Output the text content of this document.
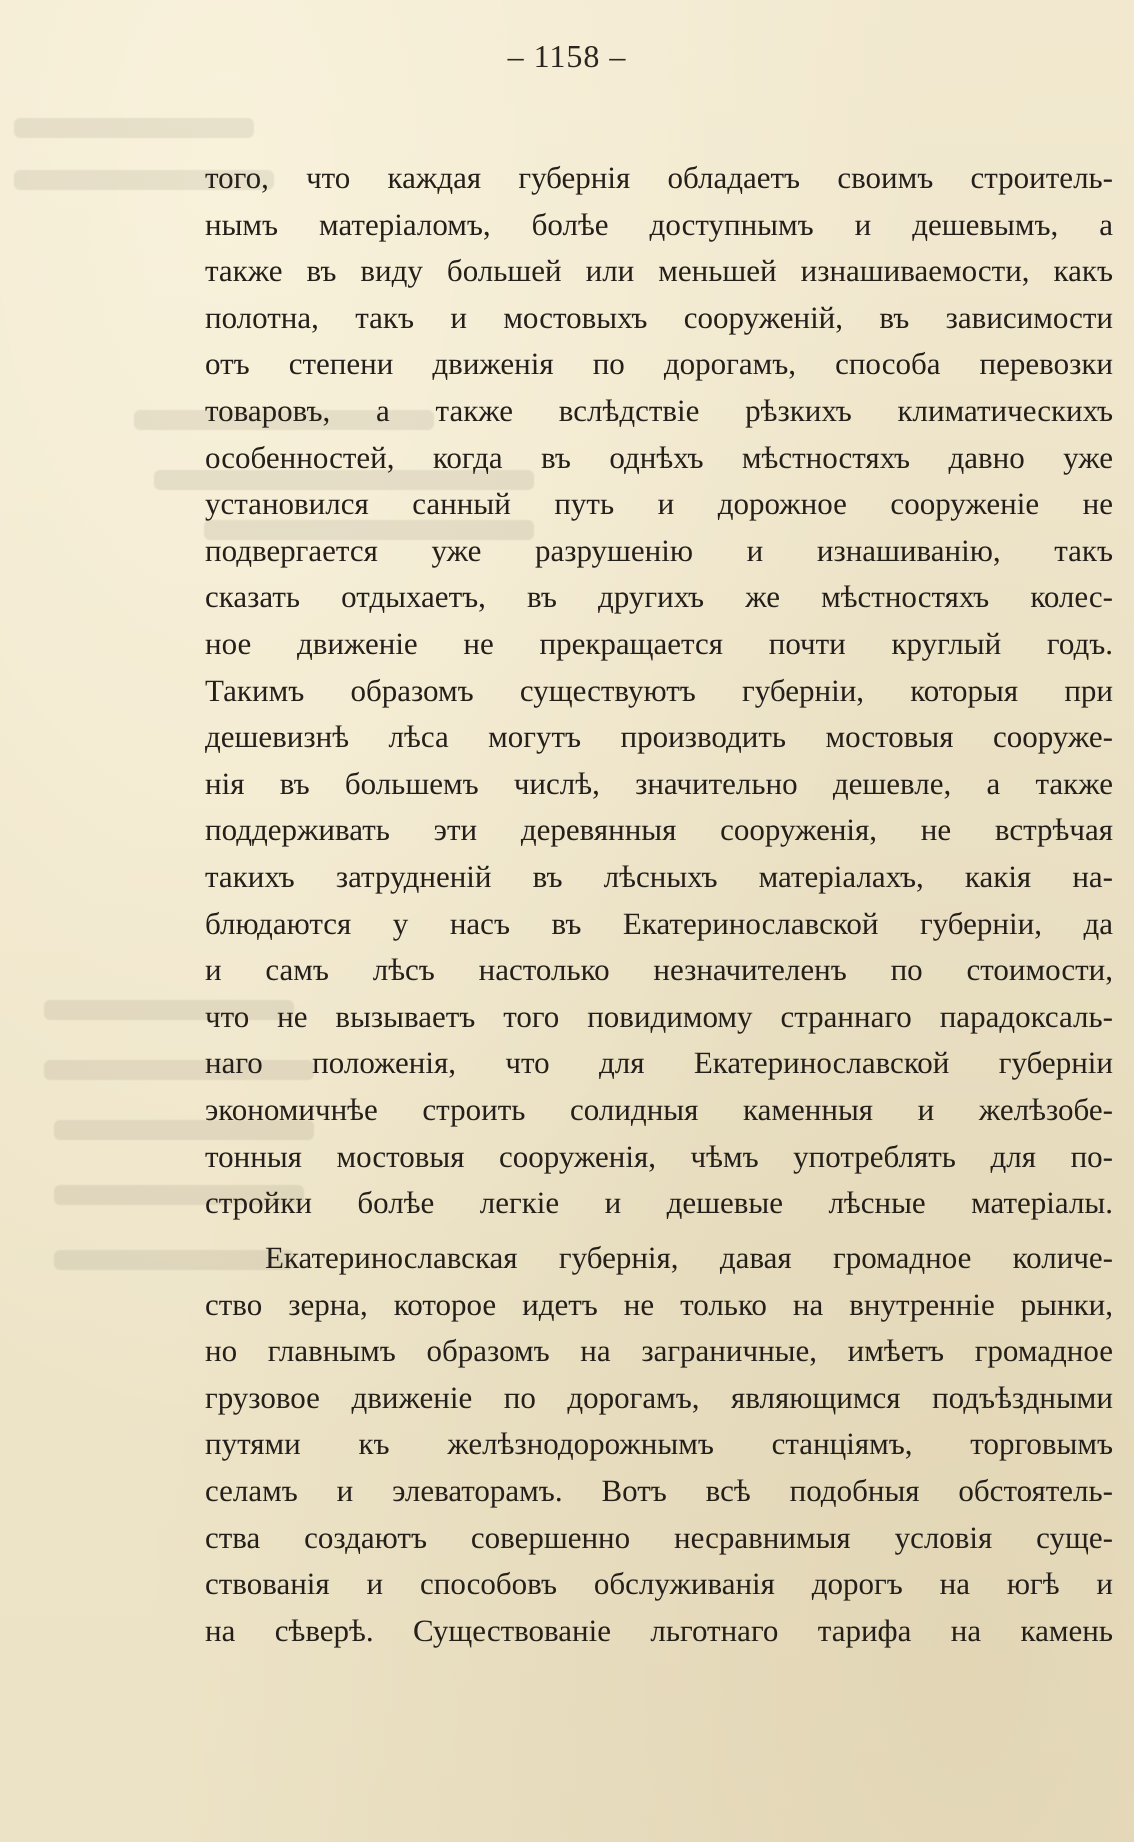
– 1158 –
того, что каждая губернія обладаетъ своимъ строитель-
нымъ матеріаломъ, болѣе доступнымъ и дешевымъ, а
также въ виду большей или меньшей изнашиваемости, какъ
полотна, такъ и мостовыхъ сооруженій, въ зависимости
отъ степени движенія по дорогамъ, способа перевозки
товаровъ, а также вслѣдствіе рѣзкихъ климатическихъ
особенностей, когда въ однѣхъ мѣстностяхъ давно уже
установился санный путь и дорожное сооруженіе не
подвергается уже разрушенію и изнашиванію, такъ
сказать отдыхаетъ, въ другихъ же мѣстностяхъ колес-
ное движеніе не прекращается почти круглый годъ.
Такимъ образомъ существуютъ губерніи, которыя при
дешевизнѣ лѣса могутъ производить мостовыя сооруже-
нія въ большемъ числѣ, значительно дешевле, а также
поддерживать эти деревянныя сооруженія, не встрѣчая
такихъ затрудненій въ лѣсныхъ матеріалахъ, какія на-
блюдаются у насъ въ Екатеринославской губерніи, да
и самъ лѣсъ настолько незначителенъ по стоимости,
что не вызываетъ того повидимому страннаго парадоксаль-
наго положенія, что для Екатеринославской губерніи
экономичнѣе строить солидныя каменныя и желѣзобе-
тонныя мостовыя сооруженія, чѣмъ употреблять для по-
стройки болѣе легкіе и дешевые лѣсные матеріалы.
Екатеринославская губернія, давая громадное количе-
ство зерна, которое идетъ не только на внутренніе рынки,
но главнымъ образомъ на заграничные, имѣетъ громадное
грузовое движеніе по дорогамъ, являющимся подъѣздными
путями къ желѣзнодорожнымъ станціямъ, торговымъ
селамъ и элеваторамъ. Вотъ всѣ подобныя обстоятель-
ства создаютъ совершенно несравнимыя условія суще-
ствованія и способовъ обслуживанія дорогъ на югѣ и
на сѣверѣ. Существованіе льготнаго тарифа на камень
